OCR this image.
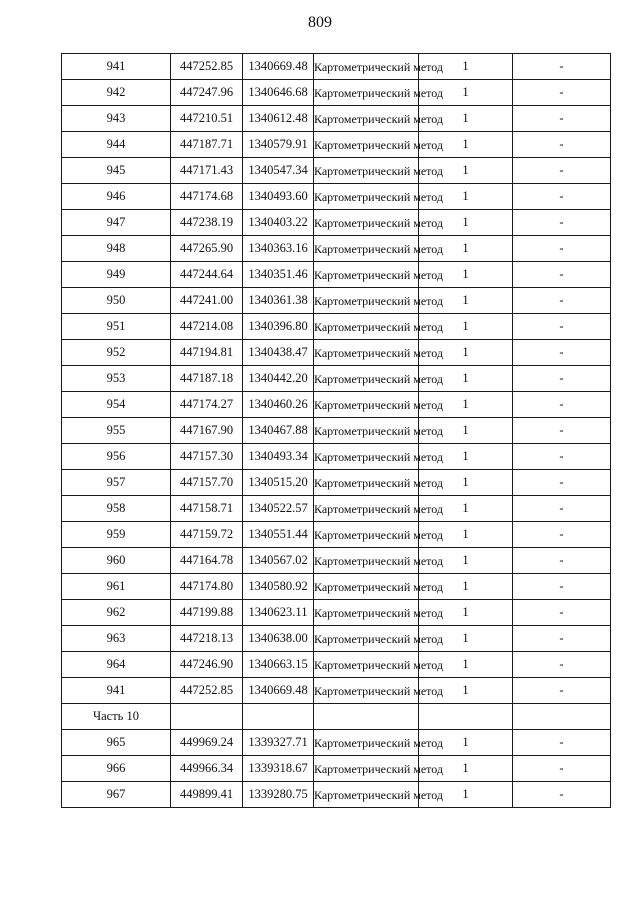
809
941	447252.85	1340669.48	Картометрический метод	1	-
942	447247.96	1340646.68	Картометрический метод	1	-
943	447210.51	1340612.48	Картометрический метод	1	-
944	447187.71	1340579.91	Картометрический метод	1	-
945	447171.43	1340547.34	Картометрический метод	1	-
946	447174.68	1340493.60	Картометрический метод	1	-
947	447238.19	1340403.22	Картометрический метод	1	-
948	447265.90	1340363.16	Картометрический метод	1	-
949	447244.64	1340351.46	Картометрический метод	1	-
950	447241.00	1340361.38	Картометрический метод	1	-
951	447214.08	1340396.80	Картометрический метод	1	-
952	447194.81	1340438.47	Картометрический метод	1	-
953	447187.18	1340442.20	Картометрический метод	1	-
954	447174.27	1340460.26	Картометрический метод	1	-
955	447167.90	1340467.88	Картометрический метод	1	-
956	447157.30	1340493.34	Картометрический метод	1	-
957	447157.70	1340515.20	Картометрический метод	1	-
958	447158.71	1340522.57	Картометрический метод	1	-
959	447159.72	1340551.44	Картометрический метод	1	-
960	447164.78	1340567.02	Картометрический метод	1	-
961	447174.80	1340580.92	Картометрический метод	1	-
962	447199.88	1340623.11	Картометрический метод	1	-
963	447218.13	1340638.00	Картометрический метод	1	-
964	447246.90	1340663.15	Картометрический метод	1	-
941	447252.85	1340669.48	Картометрический метод	1	-
Часть 10					
965	449969.24	1339327.71	Картометрический метод	1	-
966	449966.34	1339318.67	Картометрический метод	1	-
967	449899.41	1339280.75	Картометрический метод	1	-
